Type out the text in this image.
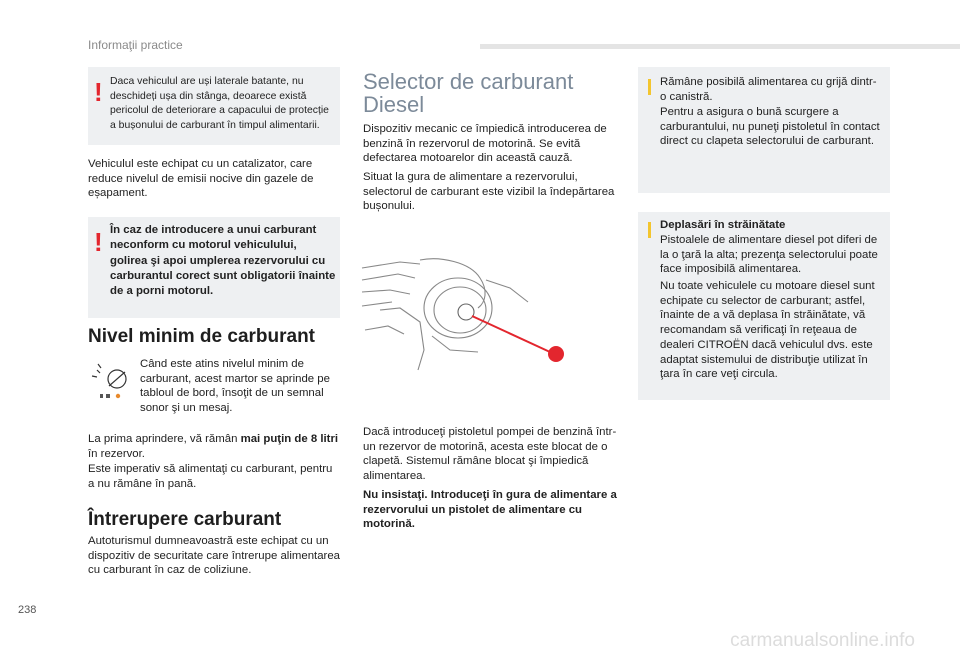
Informaţii practice
! Daca vehiculul are uși laterale batante, nu deschideți ușa din stânga, deoarece există pericolul de deteriorare a capacului de protecție a bușonului de carburant în timpul alimentarii.

Vehiculul este echipat cu un catalizator, care reduce nivelul de emisii nocive din gazele de eșapament.

! În caz de introducere a unui carburant neconform cu motorul vehiculului, golirea şi apoi umplerea rezervorului cu carburantul corect sunt obligatorii înainte de a porni motorul.

Nivel minim de carburant

Când este atins nivelul minim de carburant, acest martor se aprinde pe tabloul de bord, însoţit de un semnal sonor şi un mesaj.

La prima aprindere, vă rămân mai puţin de 8 litri în rezervor.

Este imperativ să alimentaţi cu carburant, pentru a nu rămâne în pană.

Întrerupere carburant

Autoturismul dumneavoastră este echipat cu un dispozitiv de securitate care întrerupe alimentarea cu carburant în caz de coliziune.

Selector de carburant Diesel

Dispozitiv mecanic ce împiedică introducerea de benzină în rezervorul de motorină. Se evită defectarea motoarelor din această cauză.

Situat la gura de alimentare a rezervorului, selectorul de carburant este vizibil la îndepărtarea bușonului.

Dacă introduceţi pistoletul pompei de benzină într-un rezervor de motorină, acesta este blocat de o clapetă. Sistemul rămâne blocat şi împiedică alimentarea.

Nu insistaţi. Introduceţi în gura de alimentare a rezervorului un pistolet de alimentare cu motorină.

Rămâne posibilă alimentarea cu grijă dintr-o canistră.

Pentru a asigura o bună scurgere a carburantului, nu puneţi pistoletul în contact direct cu clapeta selectorului de carburant.

Deplasări în străinătate

Pistoalele de alimentare diesel pot diferi de la o ţară la alta; prezenţa selectorului poate face imposibilă alimentarea.

Nu toate vehiculele cu motoare diesel sunt echipate cu selector de carburant; astfel, înainte de a vă deplasa în străinătate, vă recomandam să verificaţi în reţeaua de dealeri CITROËN dacă vehiculul dvs. este adaptat sistemului de distribuţie utilizat în ţara în care veţi circula.

238
carmanualsonline.info
